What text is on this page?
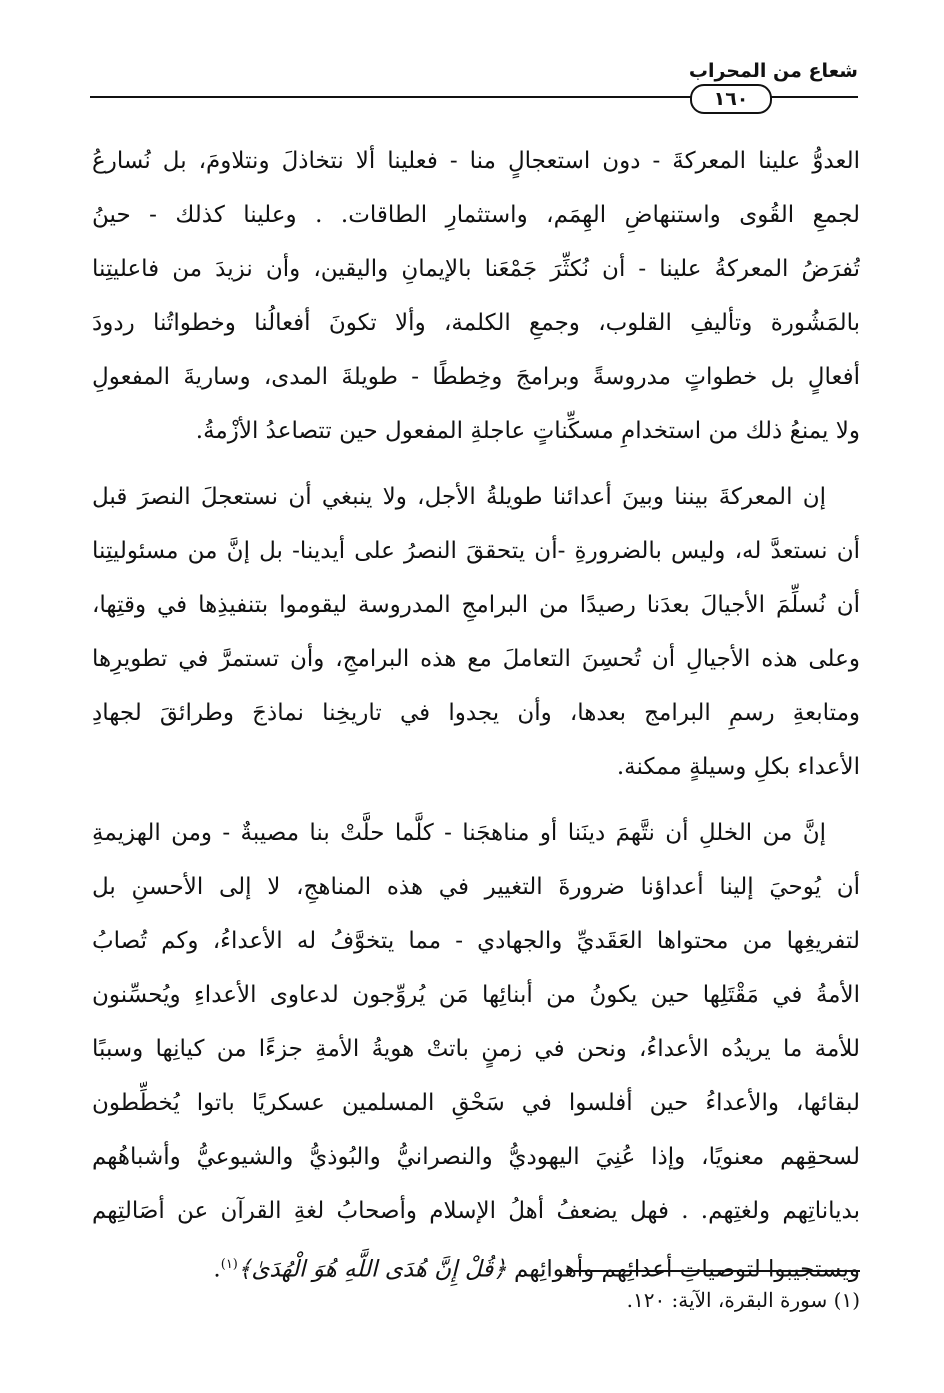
شعاع من المحراب
١٦٠
العدوُّ علينا المعركةَ - دون استعجالٍ منا - فعلينا ألا نتخاذلَ ونتلاومَ، بل نُسارعُ
لجمعِ القُوى واستنهاضِ الهِمَم، واستثمارِ الطاقات. . وعلينا كذلك - حينُ
تُفرَضُ المعركةُ علينا - أن نُكثِّرَ جَمْعَنا بالإيمانِ واليقين، وأن نزيدَ من فاعليتِنا
بالمَشُورة وتأليفِ القلوب، وجمعِ الكلمة، وألا تكونَ أفعالُنا وخطواتُنا ردودَ
أفعالٍ بل خطواتٍ مدروسةً وبرامجَ وخِططًا - طويلةَ المدى، وساريةَ المفعولِ
ولا يمنعُ ذلك من استخدامِ مسكِّناتٍ عاجلةِ المفعول حين تتصاعدُ الأزْمةُ.
إن المعركةَ بيننا وبينَ أعدائنا طويلةُ الأجل، ولا ينبغي أن نستعجلَ النصرَ قبل
أن نستعدَّ له، وليس بالضرورةِ -أن يتحققَ النصرُ على أيدينا- بل إنَّ من مسئوليتِنا
أن نُسلِّمَ الأجيالَ بعدَنا رصيدًا من البرامجِ المدروسة ليقوموا بتنفيذِها في وقتِها،
وعلى هذه الأجيالِ أن تُحسِنَ التعاملَ مع هذه البرامجِ، وأن تستمرَّ في تطويرِها
ومتابعةِ رسمِ البرامج بعدها، وأن يجدوا في تاريخِنا نماذجَ وطرائقَ لجهادِ
الأعداء بكلِ وسيلةٍ ممكنة.
إنَّ من الخللِ أن نتَّهمَ دينَنا أو مناهجَنا - كلَّما حلَّتْ بنا مصيبةٌ - ومن الهزيمةِ
أن يُوحيَ إلينا أعداؤنا ضرورةَ التغيير في هذه المناهجِ، لا إلى الأحسنِ بل
لتفريغِها من محتواها العَقَديِّ والجهادي - مما يتخوَّفُ له الأعداءُ، وكم تُصابُ
الأمةُ في مَقْتَلِها حين يكونُ من أبنائِها مَن يُروِّجون لدعاوى الأعداءِ ويُحسِّنون
للأمة ما يريدُه الأعداءُ، ونحن في زمنٍ باتتْ هويةُ الأمةِ جزءًا من كيانِها وسببًا
لبقائها، والأعداءُ حين أفلسوا في سَحْقِ المسلمين عسكريًا باتوا يُخطِّطون
لسحقِهم معنويًا، وإذا عُنِيَ اليهوديُّ والنصرانيُّ والبُوذيُّ والشيوعيُّ وأشباهُهم
بدياناتِهم ولغتِهم. . فهل يضعفُ أهلُ الإسلام وأصحابُ لغةِ القرآن عن أصَالتِهم
ويستجيبوا لتوصياتِ أعدائِهم وأهوائِهم ﴿قُلْ إِنَّ هُدَى اللَّهِ هُوَ الْهُدَىٰ﴾$^{(١)}$.
(١) سورة البقرة، الآية: ١٢٠.
